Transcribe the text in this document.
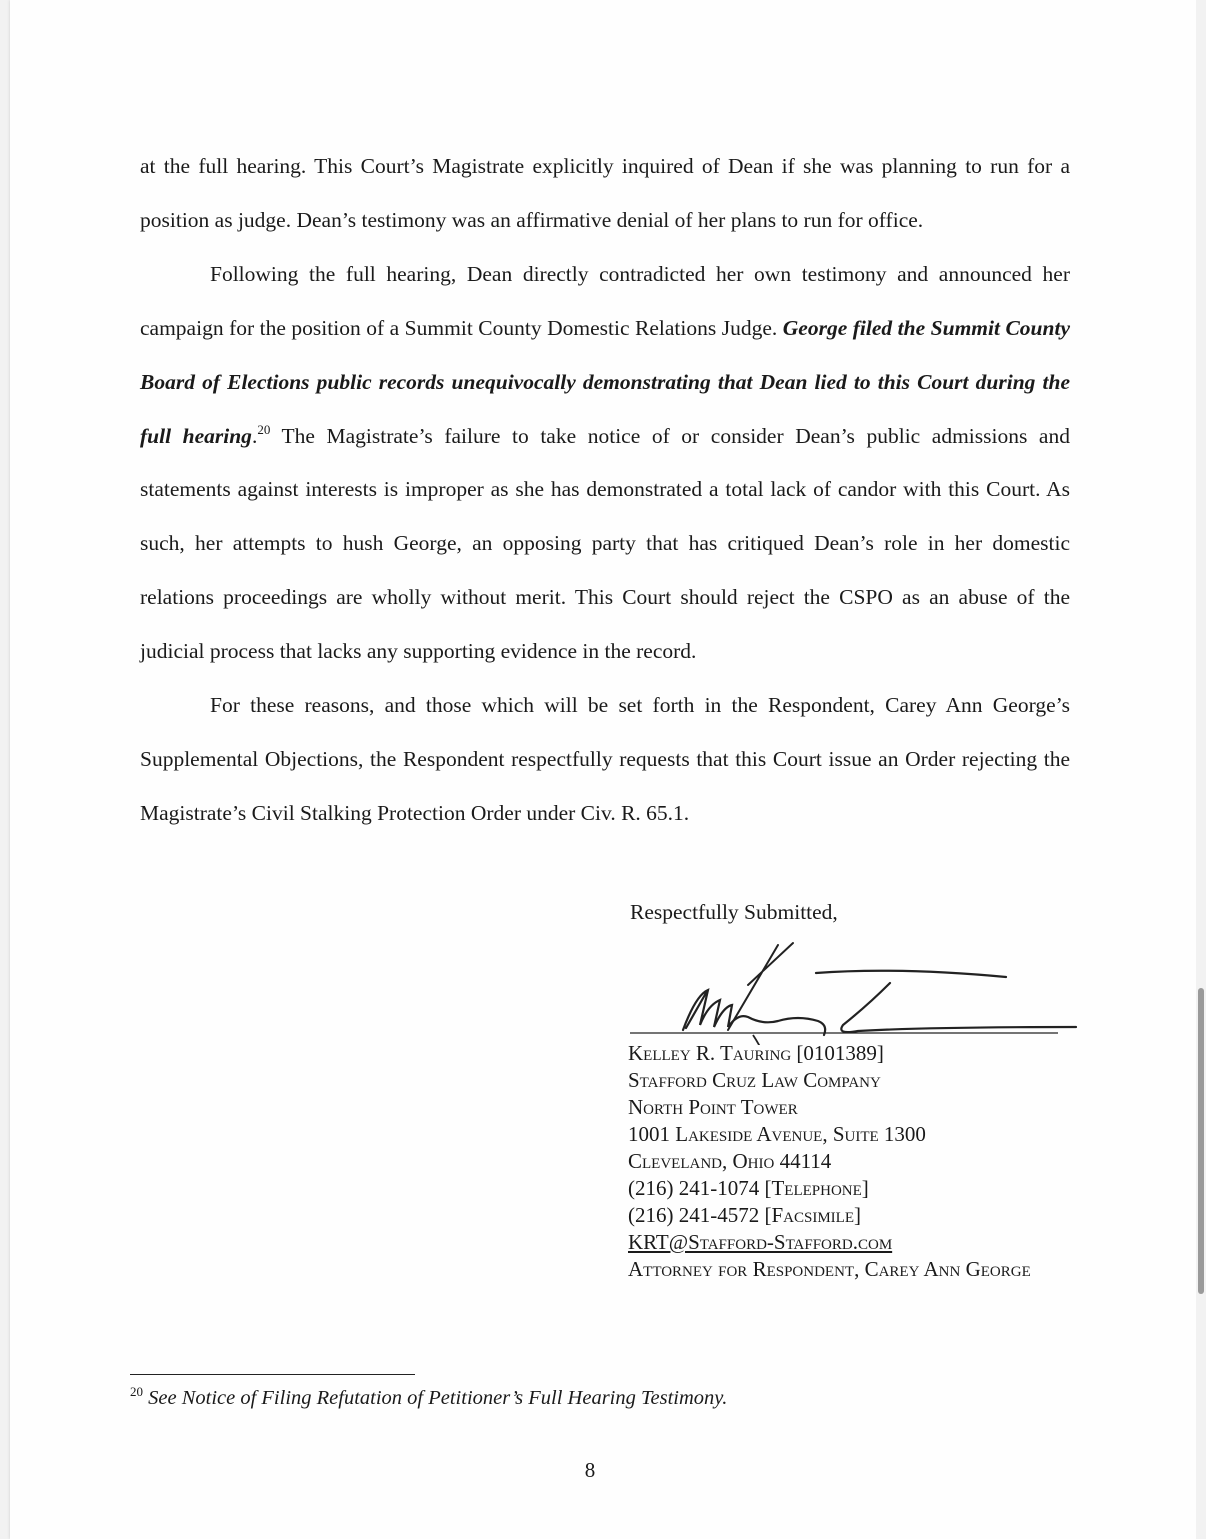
at the full hearing. This Court’s Magistrate explicitly inquired of Dean if she was planning to run for a position as judge. Dean’s testimony was an affirmative denial of her plans to run for office.

Following the full hearing, Dean directly contradicted her own testimony and announced her campaign for the position of a Summit County Domestic Relations Judge. George filed the Summit County Board of Elections public records unequivocally demonstrating that Dean lied to this Court during the full hearing.$^{20}$ The Magistrate’s failure to take notice of or consider Dean’s public admissions and statements against interests is improper as she has demonstrated a total lack of candor with this Court. As such, her attempts to hush George, an opposing party that has critiqued Dean’s role in her domestic relations proceedings are wholly without merit. This Court should reject the CSPO as an abuse of the judicial process that lacks any supporting evidence in the record.

For these reasons, and those which will be set forth in the Respondent, Carey Ann George’s Supplemental Objections, the Respondent respectfully requests that this Court issue an Order rejecting the Magistrate’s Civil Stalking Protection Order under Civ. R. 65.1.

Respectfully Submitted,
Kelley R. Tauring [0101389]
Stafford Cruz Law Company
North Point Tower
1001 Lakeside Avenue, Suite 1300
Cleveland, Ohio 44114
(216) 241-1074 [Telephone]
(216) 241-4572 [Facsimile]
KRT@Stafford-Stafford.com
Attorney for Respondent, Carey Ann George
$^{20}$ See Notice of Filing Refutation of Petitioner’s Full Hearing Testimony.
8
